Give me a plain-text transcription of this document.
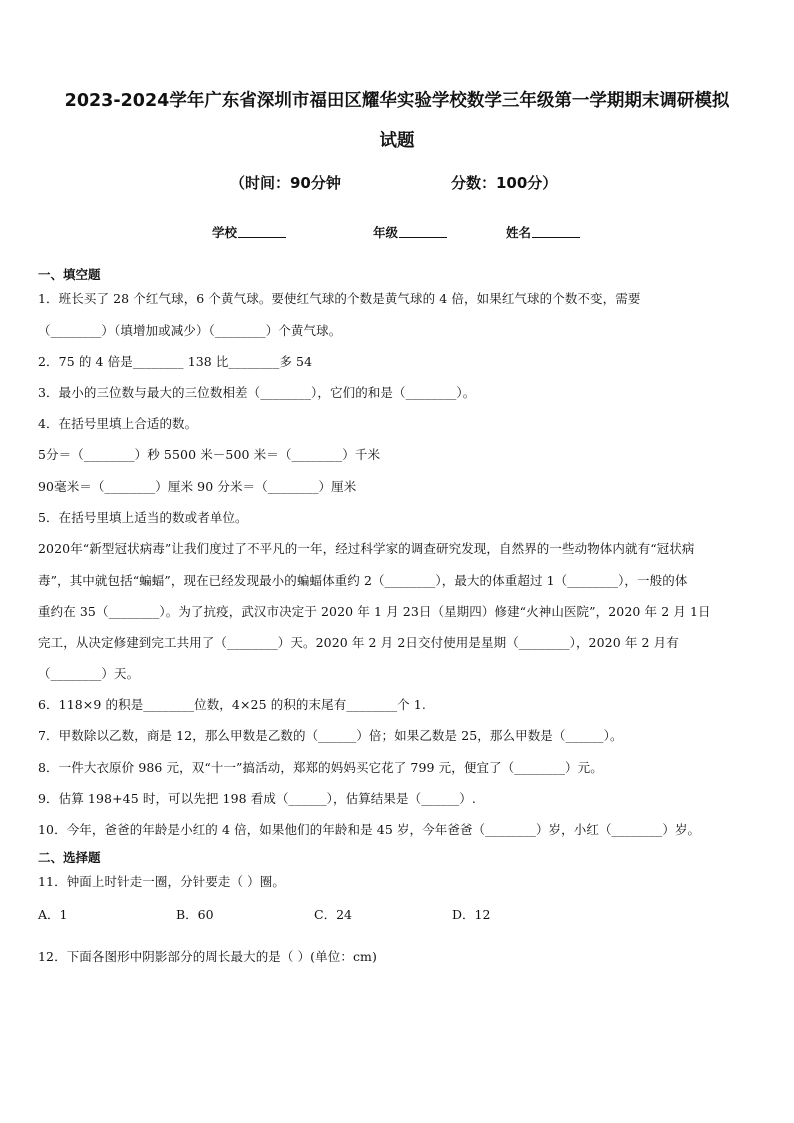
2023-2024学年广东省深圳市福田区耀华实验学校数学三年级第一学期期末调研模拟
试题
（时间：90分钟	分数：100分）
学校	年级	姓名
一、填空题
1．班长买了 28 个红气球，6 个黄气球。要使红气球的个数是黄气球的 4 倍，如果红气球的个数不变，需要
（________）（填增加或减少）（________）个黄气球。
2．75 的 4 倍是________ 138 比________多 54
3．最小的三位数与最大的三位数相差（________），它们的和是（________）。
4．在括号里填上合适的数。
5分＝（________）秒 5500 米－500 米＝（________）千米
90毫米＝（________）厘米 90 分米＝（________）厘米
5．在括号里填上适当的数或者单位。
2020年“新型冠状病毒”让我们度过了不平凡的一年，经过科学家的调查研究发现，自然界的一些动物体内就有“冠状病
毒”，其中就包括“蝙蝠”，现在已经发现最小的蝙蝠体重约 2（________），最大的体重超过 1（________），一般的体
重约在 35（________）。为了抗疫，武汉市决定于 2020 年 1 月 23日（星期四）修建“火神山医院”，2020 年 2 月 1日
完工，从决定修建到完工共用了（________）天。2020 年 2 月 2日交付使用是星期（________），2020 年 2 月有
（________）天。
6．118×9 的积是________位数，4×25 的积的末尾有________个 1.
7．甲数除以乙数，商是 12，那么甲数是乙数的（______）倍；如果乙数是 25，那么甲数是（______）。
8．一件大衣原价 986 元，双“十一”搞活动，郑郑的妈妈买它花了 799 元，便宜了（________）元。
9．估算 198+45 时，可以先把 198 看成（______），估算结果是（______）.
10．今年，爸爸的年龄是小红的 4 倍，如果他们的年龄和是 45 岁，今年爸爸（________）岁，小红（________）岁。
二、选择题
11．钟面上时针走一圈，分针要走（ ）圈。
A．1	B．60	C．24	D．12
12．下面各图形中阴影部分的周长最大的是（ ）(单位：cm)
